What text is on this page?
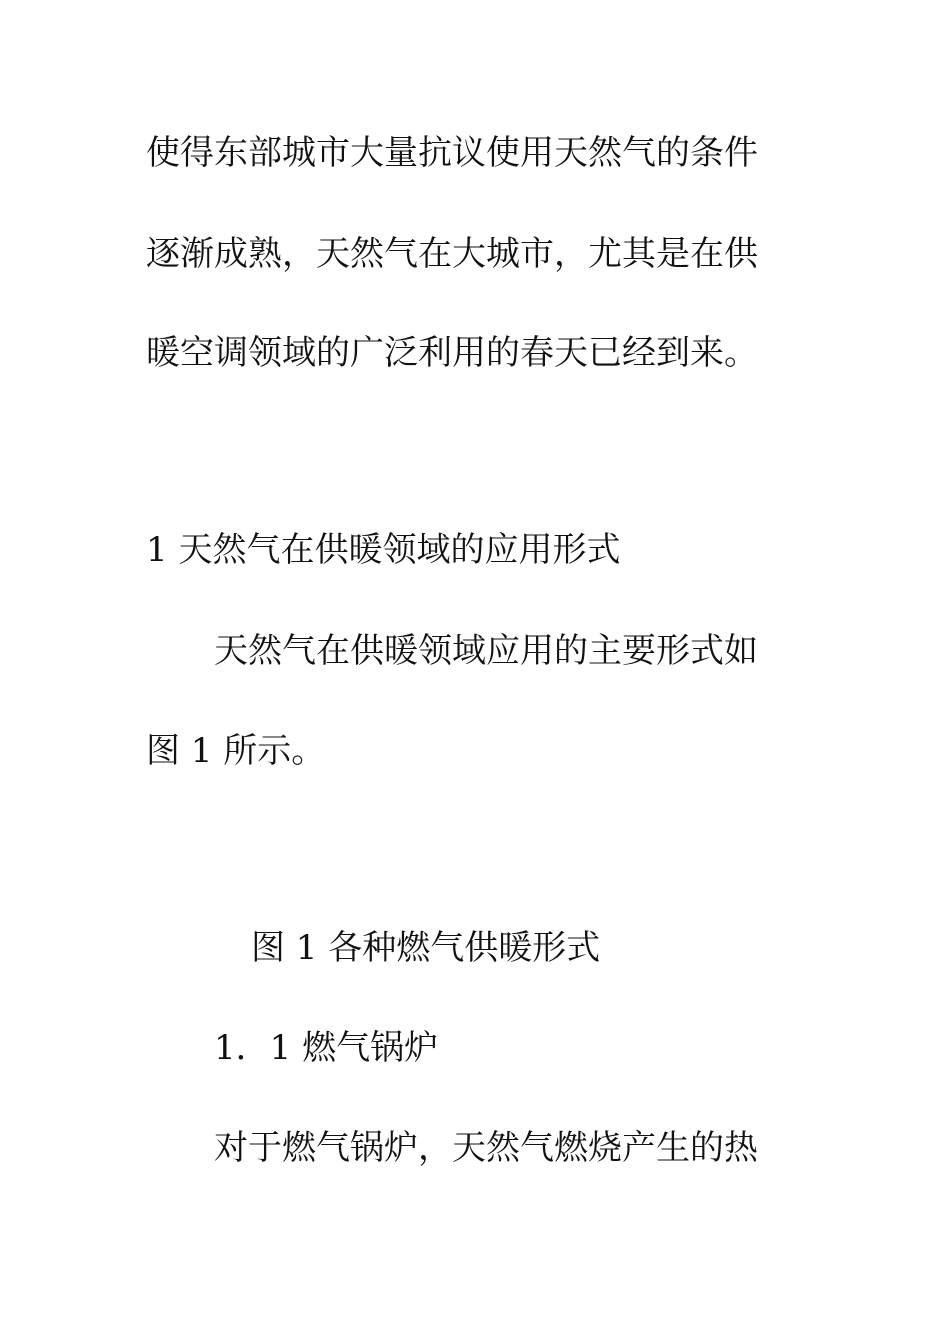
使得东部城市大量抗议使用天然气的条件
逐渐成熟，天然气在大城市，尤其是在供
暖空调领域的广泛利用的春天已经到来。
1 天然气在供暖领域的应用形式
天然气在供暖领域应用的主要形式如
图 1 所示。
图 1 各种燃气供暖形式
1．1 燃气锅炉
对于燃气锅炉，天然气燃烧产生的热
